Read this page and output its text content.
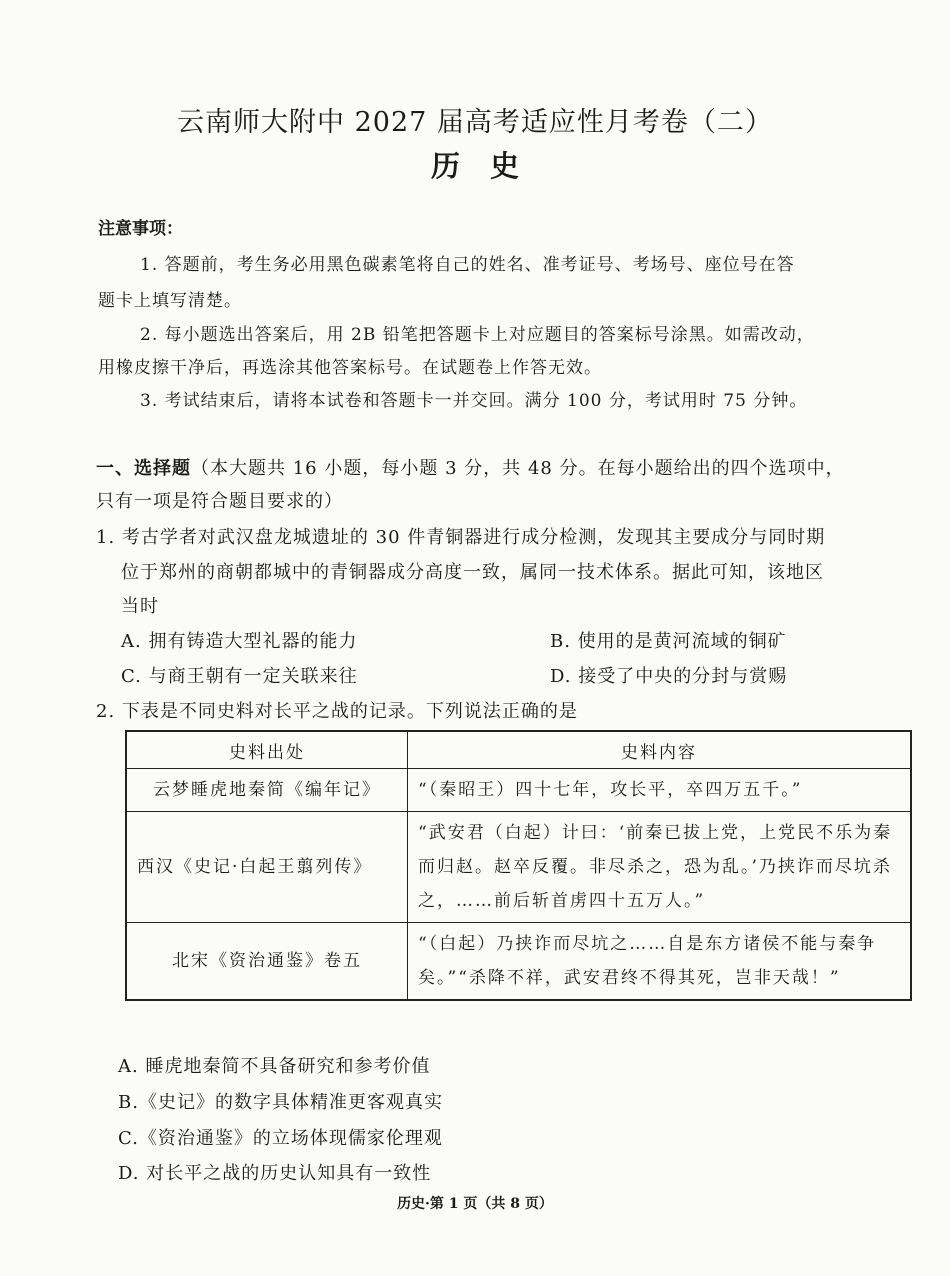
云南师大附中 2027 届高考适应性月考卷（二）
历史
注意事项：
1. 答题前，考生务必用黑色碳素笔将自己的姓名、准考证号、考场号、座位号在答
题卡上填写清楚。
2. 每小题选出答案后，用 2B 铅笔把答题卡上对应题目的答案标号涂黑。如需改动，
用橡皮擦干净后，再选涂其他答案标号。在试题卷上作答无效。
3. 考试结束后，请将本试卷和答题卡一并交回。满分 100 分，考试用时 75 分钟。
一、选择题（本大题共 16 小题，每小题 3 分，共 48 分。在每小题给出的四个选项中，
只有一项是符合题目要求的）
1. 考古学者对武汉盘龙城遗址的 30 件青铜器进行成分检测，发现其主要成分与同时期
位于郑州的商朝都城中的青铜器成分高度一致，属同一技术体系。据此可知，该地区
当时
A. 拥有铸造大型礼器的能力	B. 使用的是黄河流域的铜矿
C. 与商王朝有一定关联来往	D. 接受了中央的分封与赏赐
2. 下表是不同史料对长平之战的记录。下列说法正确的是
史料出处	史料内容
云梦睡虎地秦简《编年记》	“（秦昭王）四十七年，攻长平，卒四万五千。”
西汉《史记·白起王翦列传》	“武安君（白起）计曰：‘前秦已拔上党，上党民不乐为秦而归赵。赵卒反覆。非尽杀之，恐为乱。’乃挟诈而尽坑杀之，……前后斩首虏四十五万人。”
北宋《资治通鉴》卷五	“（白起）乃挟诈而尽坑之……自是东方诸侯不能与秦争矣。”“杀降不祥，武安君终不得其死，岂非天哉！”
A. 睡虎地秦简不具备研究和参考价值
B.《史记》的数字具体精准更客观真实
C.《资治通鉴》的立场体现儒家伦理观
D. 对长平之战的历史认知具有一致性
历史·第 1 页（共 8 页）
